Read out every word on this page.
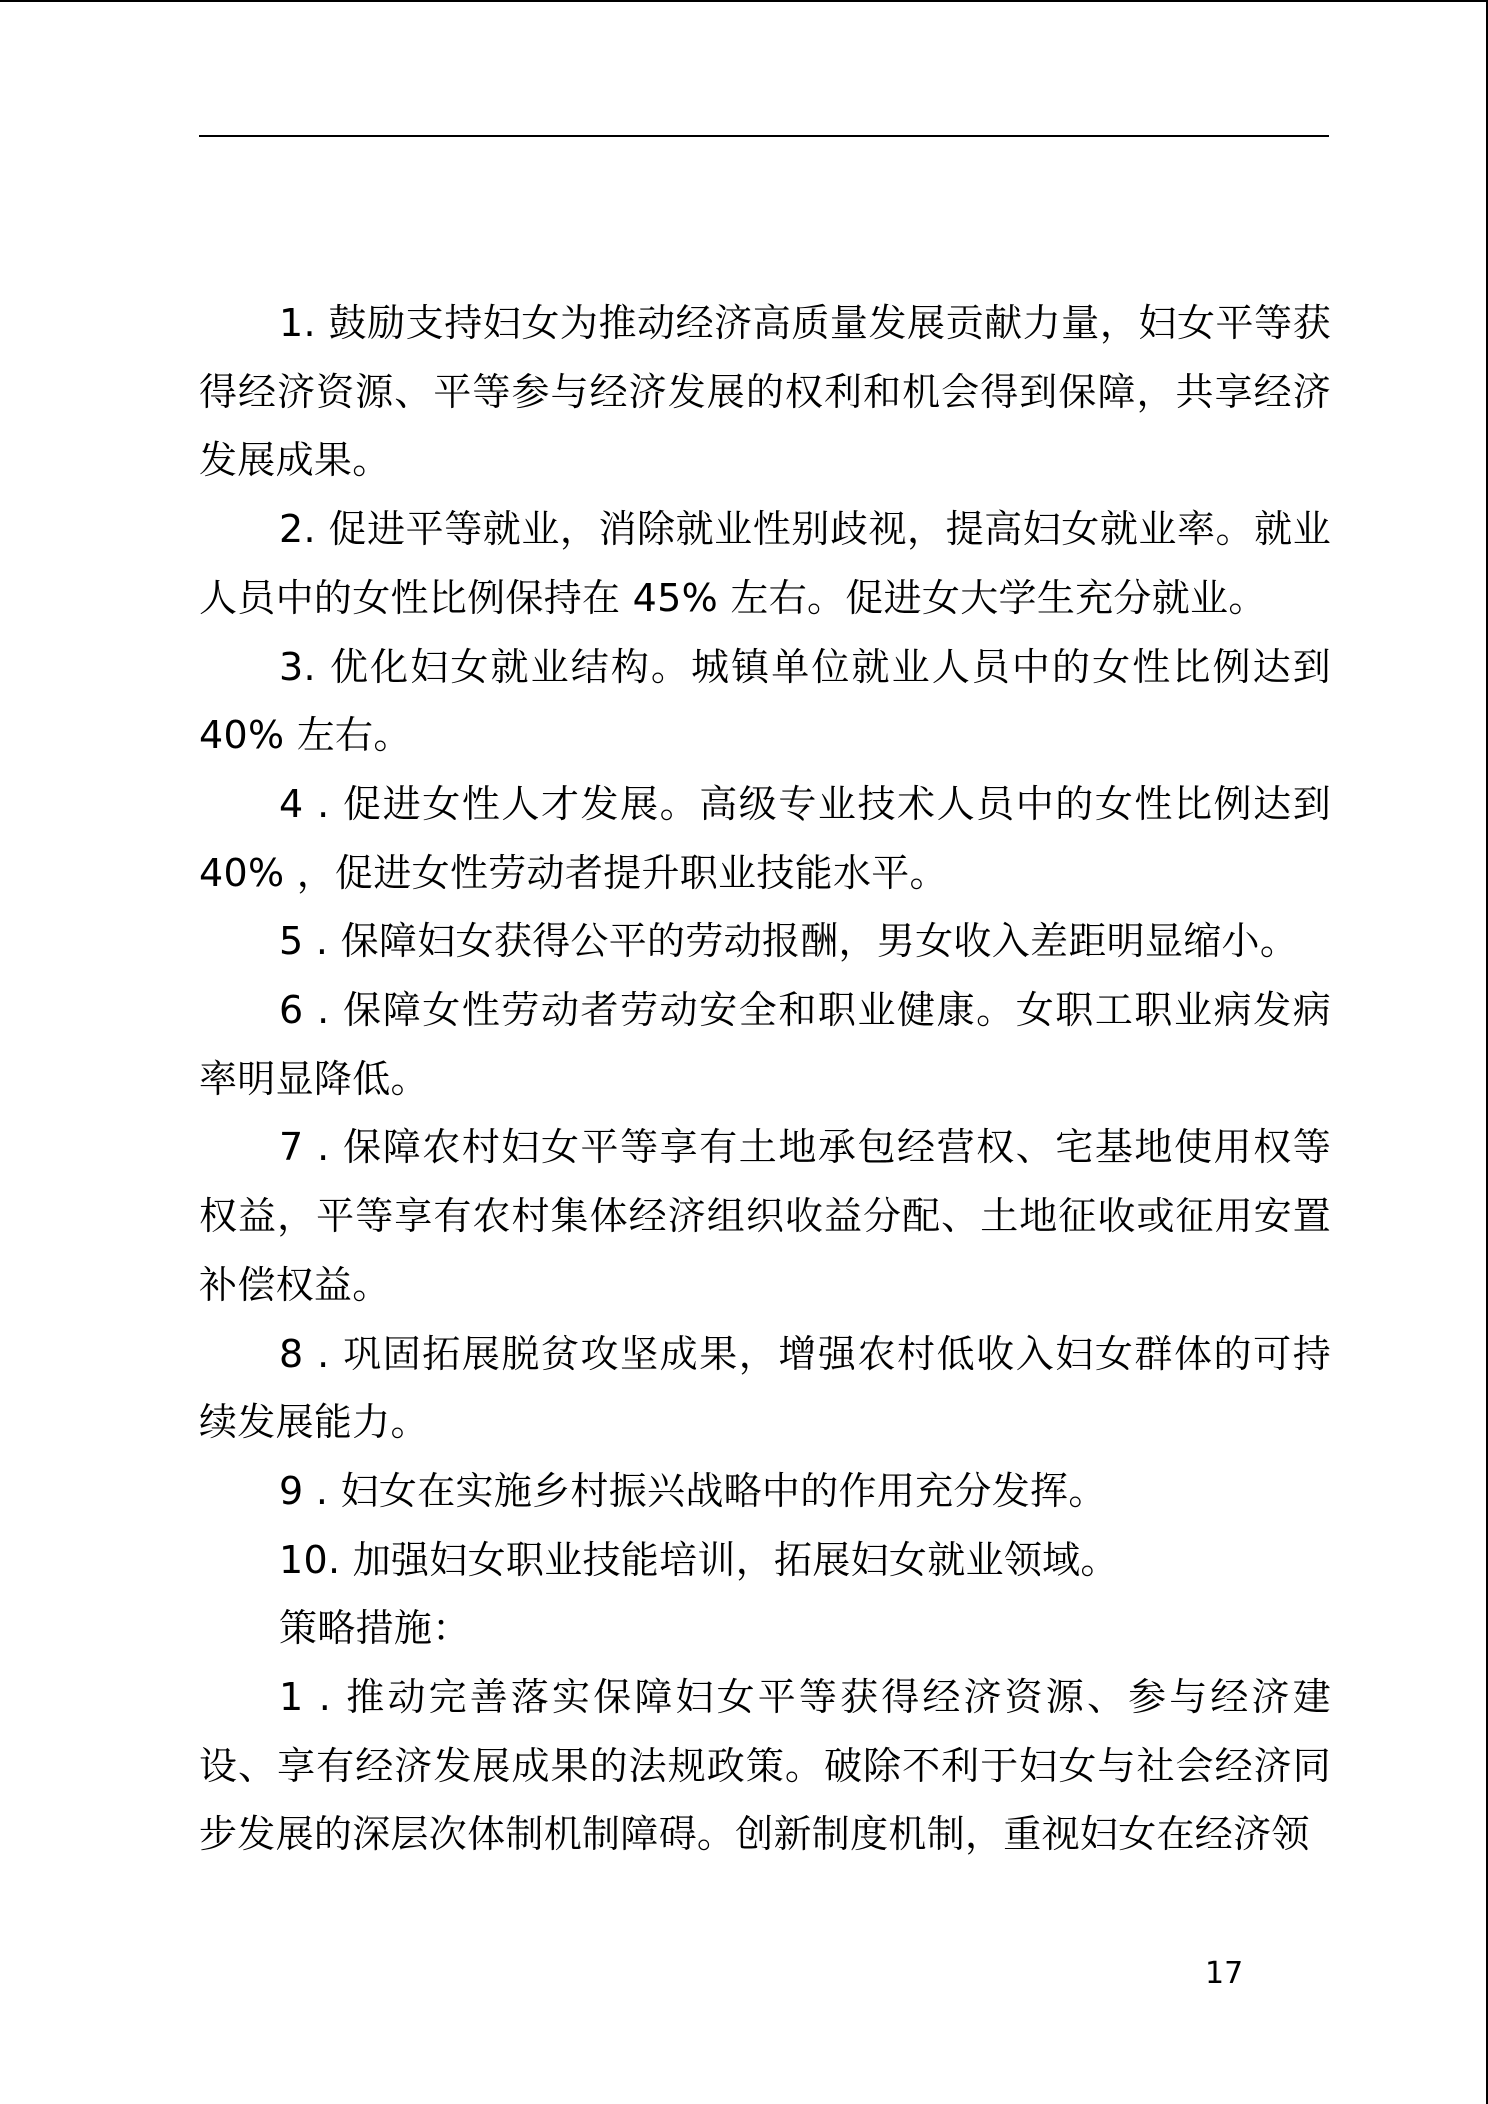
1. 鼓励支持妇女为推动经济高质量发展贡献力量，妇女平等获得经济资源、平等参与经济发展的权利和机会得到保障，共享经济发展成果。

2. 促进平等就业，消除就业性别歧视，提高妇女就业率。就业人员中的女性比例保持在 45% 左右。促进女大学生充分就业。

3. 优化妇女就业结构。城镇单位就业人员中的女性比例达到 40% 左右。

4 . 促进女性人才发展。高级专业技术人员中的女性比例达到 40% ，促进女性劳动者提升职业技能水平。

5 . 保障妇女获得公平的劳动报酬，男女收入差距明显缩小。

6 . 保障女性劳动者劳动安全和职业健康。女职工职业病发病率明显降低。

7 . 保障农村妇女平等享有土地承包经营权、宅基地使用权等权益，平等享有农村集体经济组织收益分配、土地征收或征用安置补偿权益。

8 . 巩固拓展脱贫攻坚成果，增强农村低收入妇女群体的可持续发展能力。

9 . 妇女在实施乡村振兴战略中的作用充分发挥。

10. 加强妇女职业技能培训，拓展妇女就业领域。

策略措施：

1 . 推动完善落实保障妇女平等获得经济资源、参与经济建设、享有经济发展成果的法规政策。破除不利于妇女与社会经济同步发展的深层次体制机制障碍。创新制度机制，重视妇女在经济领

17
